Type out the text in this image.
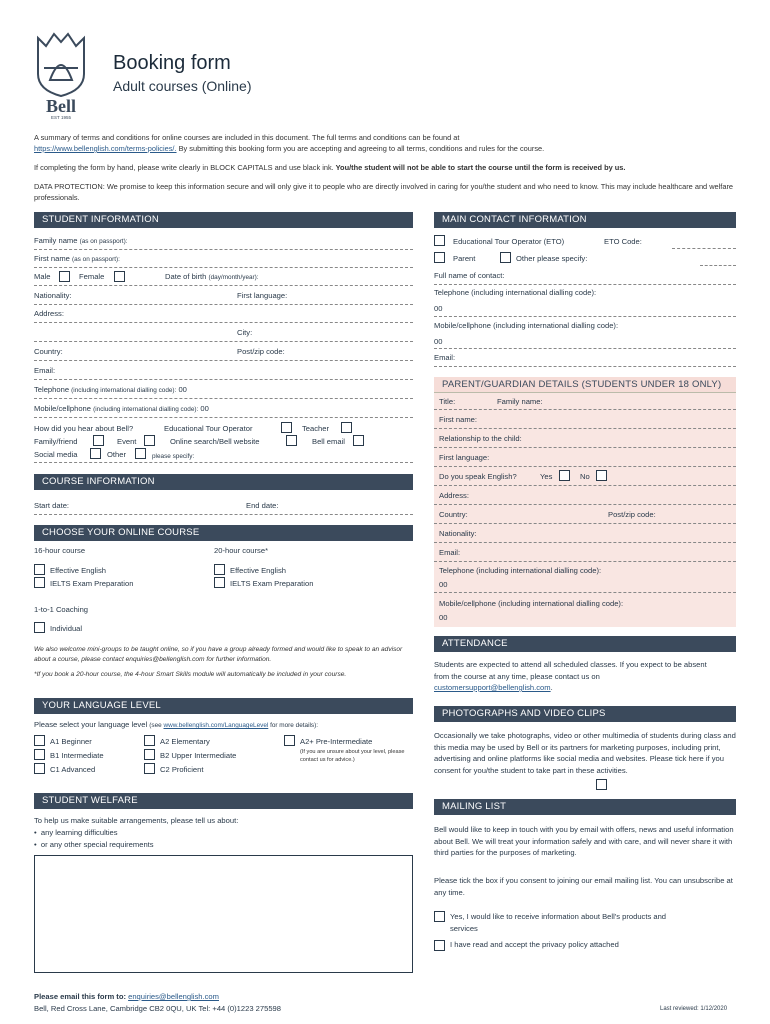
Bell
EST 1955
Booking form
Adult courses (Online)
A summary of terms and conditions for online courses are included in this document. The full terms and conditions can be found at
https://www.bellenglish.com/terms-policies/. By submitting this booking form you are accepting and agreeing to all terms, conditions and rules for the course.
If completing the form by hand, please write clearly in BLOCK CAPITALS and use black ink. You/the student will not be able to start the course until the form is received by us.
DATA PROTECTION: We promise to keep this information secure and will only give it to people who are directly involved in caring for you/the student and who need to know. This may include healthcare and welfare professionals.
STUDENT INFORMATION
Family name (as on passport):
First name (as on passport):
Male	Female	Date of birth (day/month/year):
Nationality:	First language:
Address:
City:
Country:	Post/zip code:
Email:
Telephone (including international dialling code): 00
Mobile/cellphone (including international dialling code): 00
How did you hear about Bell?	Educational Tour Operator	Teacher
Family/friend	Event	Online search/Bell website	Bell email
Social media	Other	please specify:
COURSE INFORMATION
Start date:	End date:
CHOOSE YOUR ONLINE COURSE
16-hour course	20-hour course*
Effective English	Effective English
IELTS Exam Preparation	IELTS Exam Preparation
1-to-1 Coaching
Individual
We also welcome mini-groups to be taught online, so if you have a group already formed and would like to speak to an advisor about a course, please contact enquiries@bellenglish.com for further information.
*If you book a 20-hour course, the 4-hour Smart Skills module will automatically be included in your course.
YOUR LANGUAGE LEVEL
Please select your language level (see www.bellenglish.com/LanguageLevel for more details):
A1 Beginner	A2 Elementary	A2+ Pre-Intermediate
B1 Intermediate	B2 Upper Intermediate	(If you are unsure about your level, please contact us for advice.)
C1 Advanced	C2 Proficient
STUDENT WELFARE
To help us make suitable arrangements, please tell us about:
•  any learning difficulties
•  or any other special requirements
MAIN CONTACT INFORMATION
Educational Tour Operator (ETO)	ETO Code:
Parent	Other please specify:
Full name of contact:
Telephone (including international dialling code):
00
Mobile/cellphone (including international dialling code):
00
Email:
PARENT/GUARDIAN DETAILS (STUDENTS UNDER 18 ONLY)
Title:	Family name:
First name:
Relationship to the child:
First language:
Do you speak English?	Yes	No
Address:
Country:	Post/zip code:
Nationality:
Email:
Telephone (including international dialling code):
00
Mobile/cellphone (including international dialling code):
00
ATTENDANCE
Students are expected to attend all scheduled classes. If you expect to be absent from the course at any time, please contact us on customersupport@bellenglish.com.
PHOTOGRAPHS AND VIDEO CLIPS
Occasionally we take photographs, video or other multimedia of students during class and this media may be used by Bell or its partners for marketing purposes, including print, advertising and online platforms like social media and websites. Please tick here if you consent for you/the student to take part in these activities.
MAILING LIST
Bell would like to keep in touch with you by email with offers, news and useful information about Bell. We will treat your information safely and with care, and will never share it with third parties for the purposes of marketing.
Please tick the box if you consent to joining our email mailing list. You can unsubscribe at any time.
Yes, I would like to receive information about Bell's products and services
I have read and accept the privacy policy attached
Please email this form to: enquiries@bellenglish.com
Bell, Red Cross Lane, Cambridge CB2 0QU, UK Tel: +44 (0)1223 275598	Last reviewed: 1/12/2020
